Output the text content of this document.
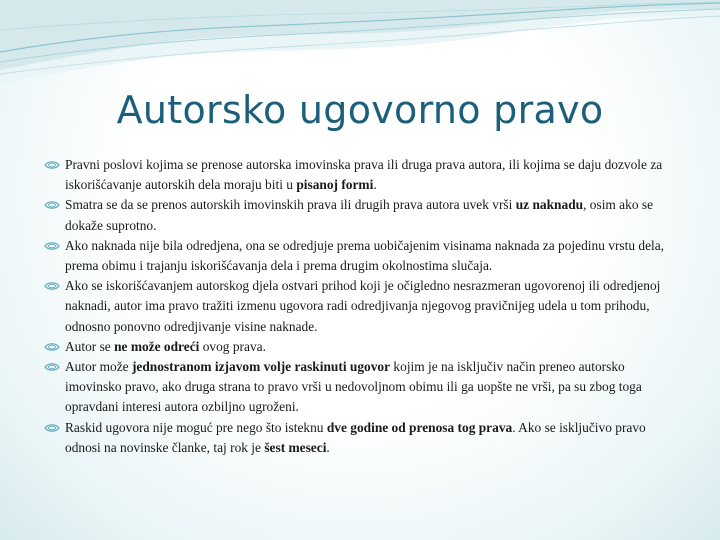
Autorsko ugovorno pravo
Pravni poslovi kojima se prenose autorska imovinska prava ili druga prava autora, ili kojima se daju dozvole za iskorišćavanje autorskih dela moraju biti u pisanoj formi.
Smatra se da se prenos autorskih imovinskih prava ili drugih prava autora uvek vrši uz naknadu, osim ako se dokaže suprotno.
Ako naknada nije bila odredjena, ona se odredjuje prema uobičajenim visinama naknada za pojedinu vrstu dela, prema obimu i trajanju iskorišćavanja dela i prema drugim okolnostima slučaja.
Ako se iskorišćavanjem autorskog djela ostvari prihod koji je očigledno nesrazmeran ugovorenoj ili odredjenoj naknadi, autor ima pravo tražiti izmenu ugovora radi odredjivanja njegovog pravičnijeg udela u tom prihodu, odnosno ponovno odredjivanje visine naknade.
Autor se ne može odreći ovog prava.
Autor može jednostranom izjavom volje raskinuti ugovor kojim je na isključiv način preneo autorsko imovinsko pravo, ako druga strana to pravo vrši u nedovoljnom obimu ili ga uopšte ne vrši, pa su zbog toga opravdani interesi autora ozbiljno ugroženi.
Raskid ugovora nije moguć pre nego što isteknu dve godine od prenosa tog prava. Ako se isključivo pravo odnosi na novinske članke, taj rok je šest meseci.
